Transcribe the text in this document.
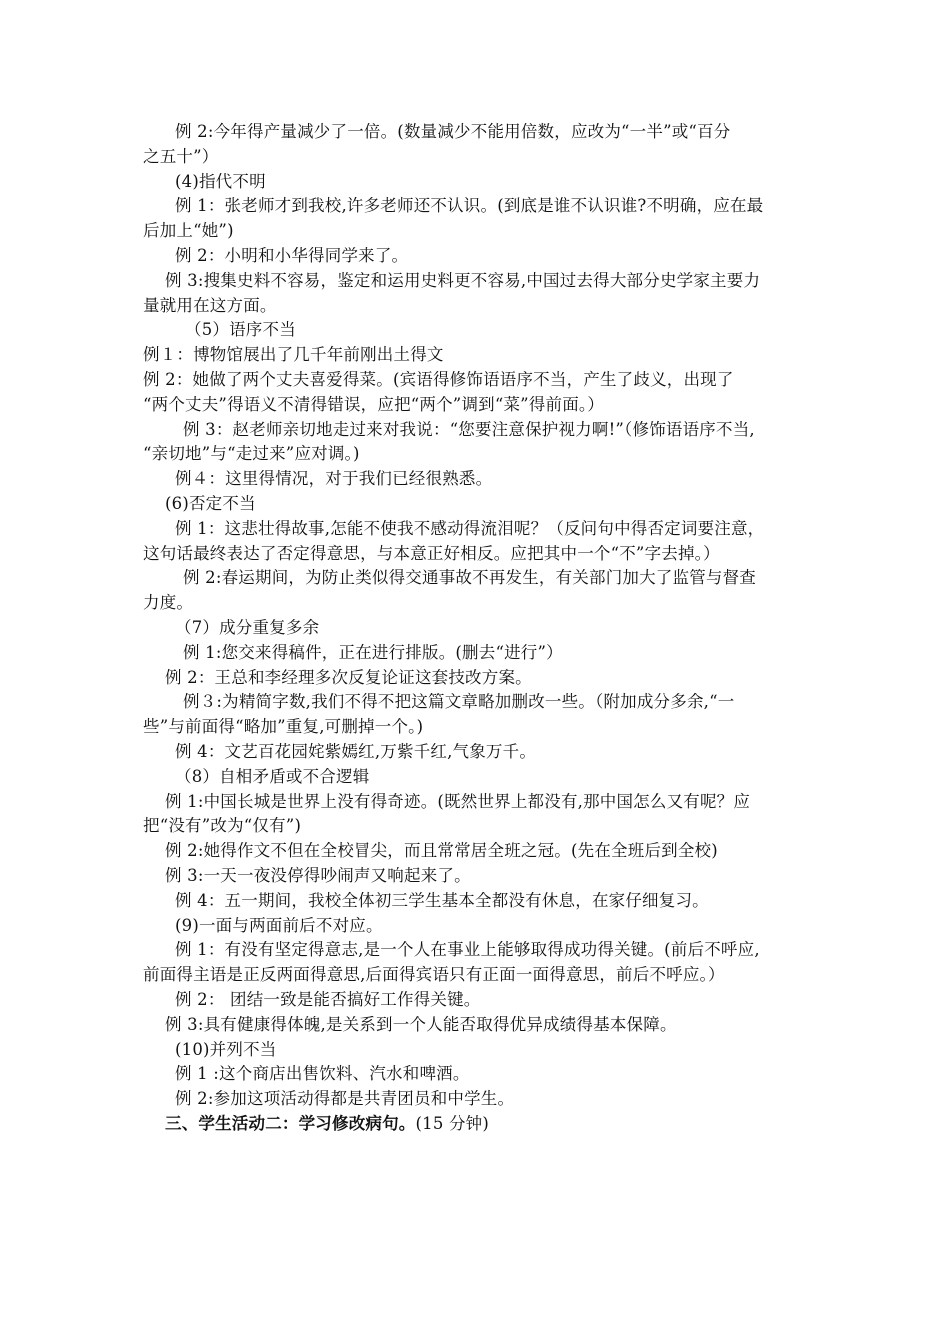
例 2:今年得产量减少了一倍。(数量减少不能用倍数，应改为“一半”或“百分
之五十”）
(4)指代不明
例 1：张老师才到我校,许多老师还不认识。(到底是谁不认识谁?不明确，应在最
后加上“她”)
例 2：小明和小华得同学来了。
例 3:搜集史料不容易，鉴定和运用史料更不容易,中国过去得大部分史学家主要力
量就用在这方面。
（5）语序不当
例１：博物馆展出了几千年前刚出土得文
例 2：她做了两个丈夫喜爱得菜。(宾语得修饰语语序不当，产生了歧义，出现了
“两个丈夫”得语义不清得错误，应把“两个”调到“菜”得前面。）
例 3：赵老师亲切地走过来对我说：“您要注意保护视力啊!”（修饰语语序不当,
“亲切地”与“走过来”应对调。)
例４：这里得情况，对于我们已经很熟悉。
(6)否定不当
例 1：这悲壮得故事,怎能不使我不感动得流泪呢？（反问句中得否定词要注意，
这句话最终表达了否定得意思，与本意正好相反。应把其中一个“不”字去掉。）
例 2:春运期间，为防止类似得交通事故不再发生，有关部门加大了监管与督查
力度。
（7）成分重复多余
例 1:您交来得稿件，正在进行排版。(删去“进行”）
例 2：王总和李经理多次反复论证这套技改方案。
例３:为精简字数,我们不得不把这篇文章略加删改一些。（附加成分多余,“一
些”与前面得“略加”重复,可删掉一个。)
例 4：文艺百花园姹紫嫣红,万紫千红,气象万千。
（8）自相矛盾或不合逻辑
例 1:中国长城是世界上没有得奇迹。(既然世界上都没有,那中国怎么又有呢？应
把“没有”改为“仅有”)
例 2:她得作文不但在全校冒尖，而且常常居全班之冠。(先在全班后到全校)
例 3:一天一夜没停得吵闹声又响起来了。
例 4：五一期间，我校全体初三学生基本全都没有休息，在家仔细复习。
(9)一面与两面前后不对应。
例 1：有没有坚定得意志,是一个人在事业上能够取得成功得关键。(前后不呼应,
前面得主语是正反两面得意思,后面得宾语只有正面一面得意思，前后不呼应。）
例 2： 团结一致是能否搞好工作得关键。
例 3:具有健康得体魄,是关系到一个人能否取得优异成绩得基本保障。
(10)并列不当
例 1 :这个商店出售饮料、汽水和啤酒。
例 2:参加这项活动得都是共青团员和中学生。
三、学生活动二：学习修改病句。(15 分钟)
